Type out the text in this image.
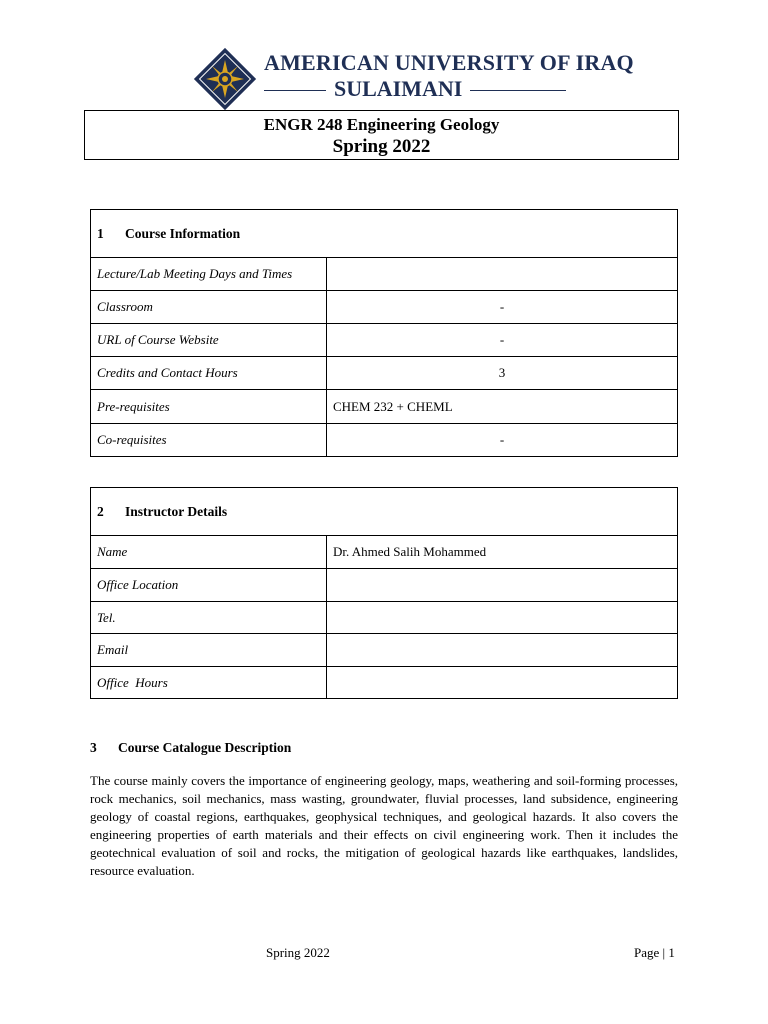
AMERICAN UNIVERSITY OF IRAQ
SULAIMANI
ENGR 248 Engineering Geology
Spring 2022
1 Course Information	
Lecture/Lab Meeting Days and Times	
Classroom	-
URL of Course Website	-
Credits and Contact Hours	3
Pre-requisites	CHEM 232 + CHEML
Co-requisites	-
2 Instructor Details	
Name	Dr. Ahmed Salih Mohammed
Office Location	
Tel.	
Email	
Office  Hours	
3 Course Catalogue Description
The course mainly covers the importance of engineering geology, maps, weathering and soil-forming processes, rock mechanics, soil mechanics, mass wasting, groundwater, fluvial processes, land subsidence, engineering geology of coastal regions, earthquakes, geophysical techniques, and geological hazards. It also covers the engineering properties of earth materials and their effects on civil engineering work. Then it includes the geotechnical evaluation of soil and rocks, the mitigation of geological hazards like earthquakes, landslides, resource evaluation.
Spring 2022	Page | 1
